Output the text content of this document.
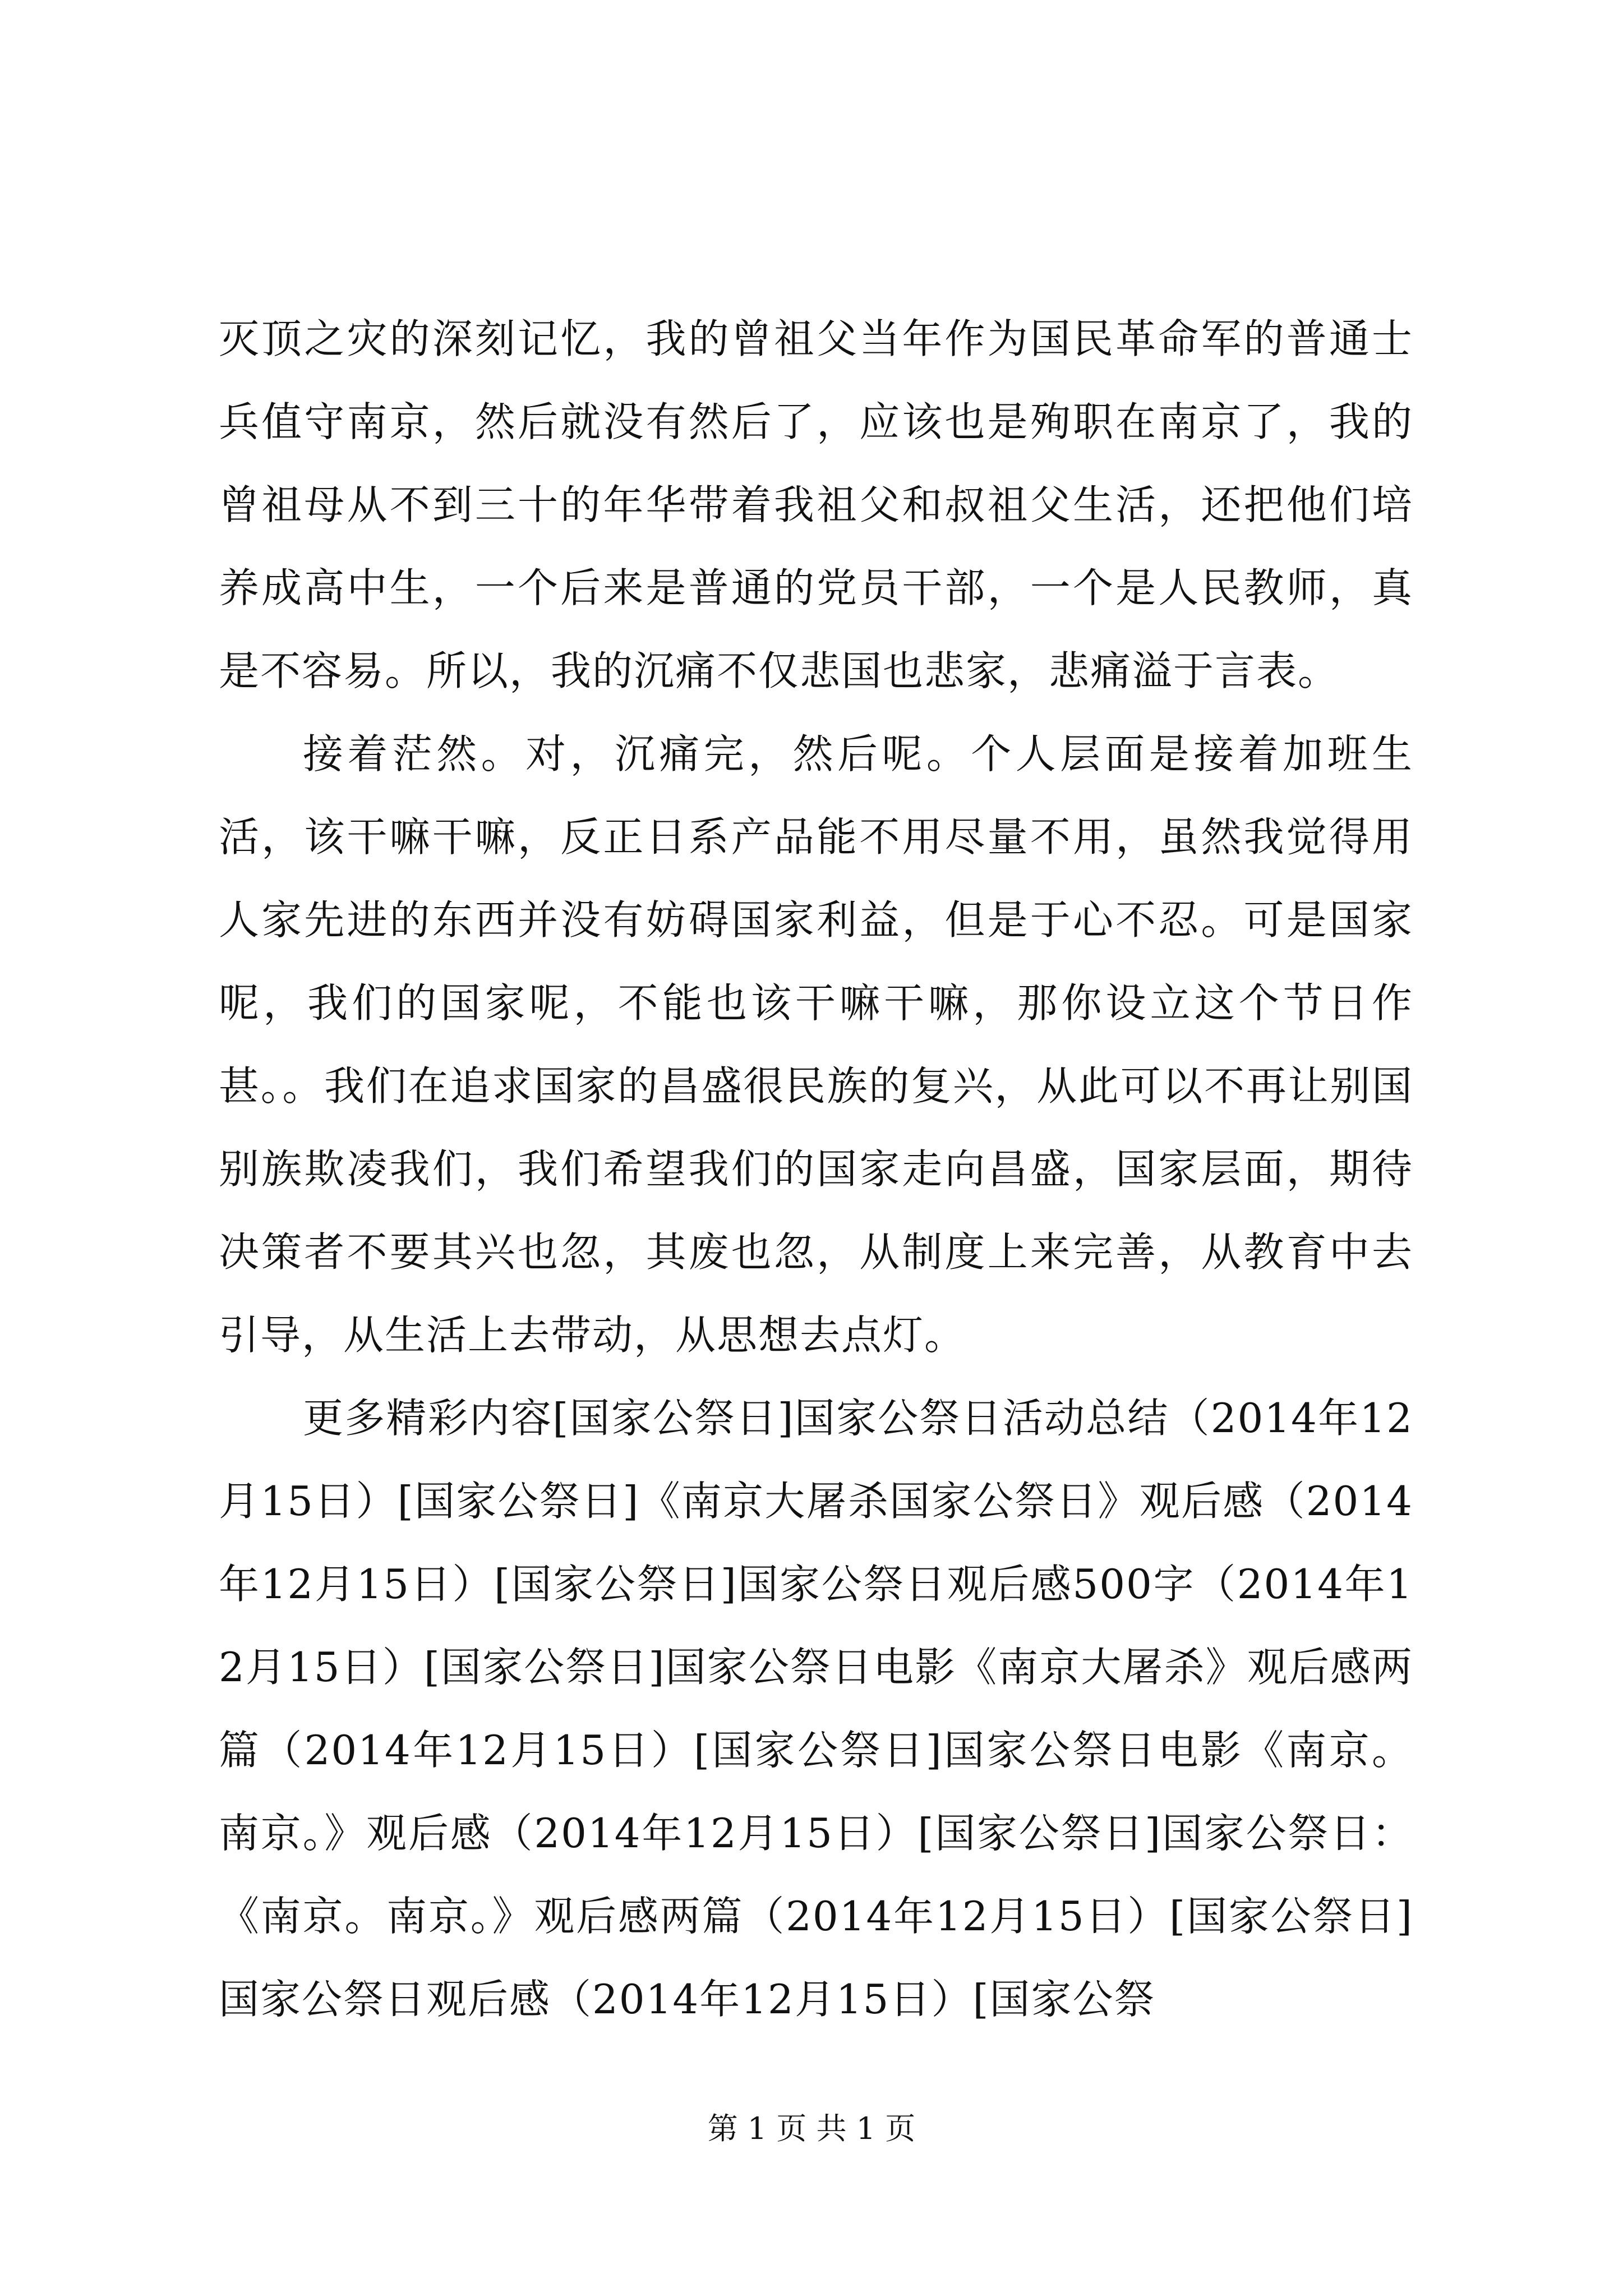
灭顶之灾的深刻记忆，我的曾祖父当年作为国民革命军的普通士兵值守南京，然后就没有然后了，应该也是殉职在南京了，我的曾祖母从不到三十的年华带着我祖父和叔祖父生活，还把他们培养成高中生，一个后来是普通的党员干部，一个是人民教师，真是不容易。所以，我的沉痛不仅悲国也悲家，悲痛溢于言表。

接着茫然。对，沉痛完，然后呢。个人层面是接着加班生活，该干嘛干嘛，反正日系产品能不用尽量不用，虽然我觉得用人家先进的东西并没有妨碍国家利益，但是于心不忍。可是国家呢，我们的国家呢，不能也该干嘛干嘛，那你设立这个节日作甚。。我们在追求国家的昌盛很民族的复兴，从此可以不再让别国别族欺凌我们，我们希望我们的国家走向昌盛，国家层面，期待决策者不要其兴也忽，其废也忽，从制度上来完善，从教育中去引导，从生活上去带动，从思想去点灯。

更多精彩内容[国家公祭日]国家公祭日活动总结（2014年12月15日）[国家公祭日]《南京大屠杀国家公祭日》观后感（2014年12月15日）[国家公祭日]国家公祭日观后感500字（2014年12月15日）[国家公祭日]国家公祭日电影《南京大屠杀》观后感两篇（2014年12月15日）[国家公祭日]国家公祭日电影《南京。南京。》观后感（2014年12月15日）[国家公祭日]国家公祭日：《南京。南京。》观后感两篇（2014年12月15日）[国家公祭日]国家公祭日观后感（2014年12月15日）[国家公祭

第 1 页 共 1 页
